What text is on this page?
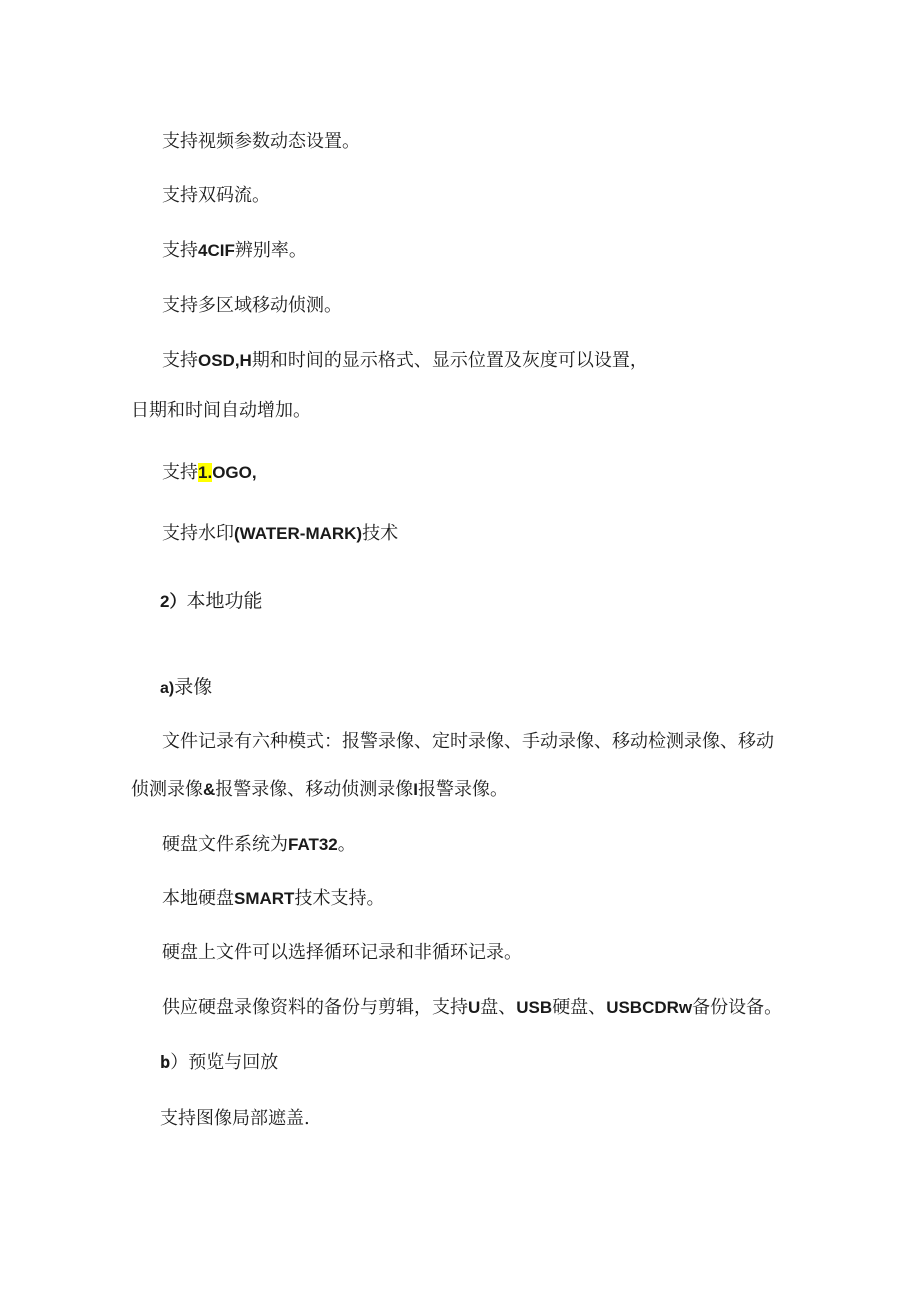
支持视频参数动态设置。
支持双码流。
支持4CIF辨别率。
支持多区域移动侦测。
支持OSD,H期和时间的显示格式、显示位置及灰度可以设置，
日期和时间自动增加。
支持1.OGO,
支持水印(WATER-MARK)技术
2）本地功能
a)录像
文件记录有六种模式：报警录像、定时录像、手动录像、移动检测录像、移动
侦测录像&报警录像、移动侦测录像I报警录像。
硬盘文件系统为FAT32。
本地硬盘SMART技术支持。
硬盘上文件可以选择循环记录和非循环记录。
供应硬盘录像资料的备份与剪辑，支持U盘、USB硬盘、USBCDRw备份设备。
b）预览与回放
支持图像局部遮盖.
